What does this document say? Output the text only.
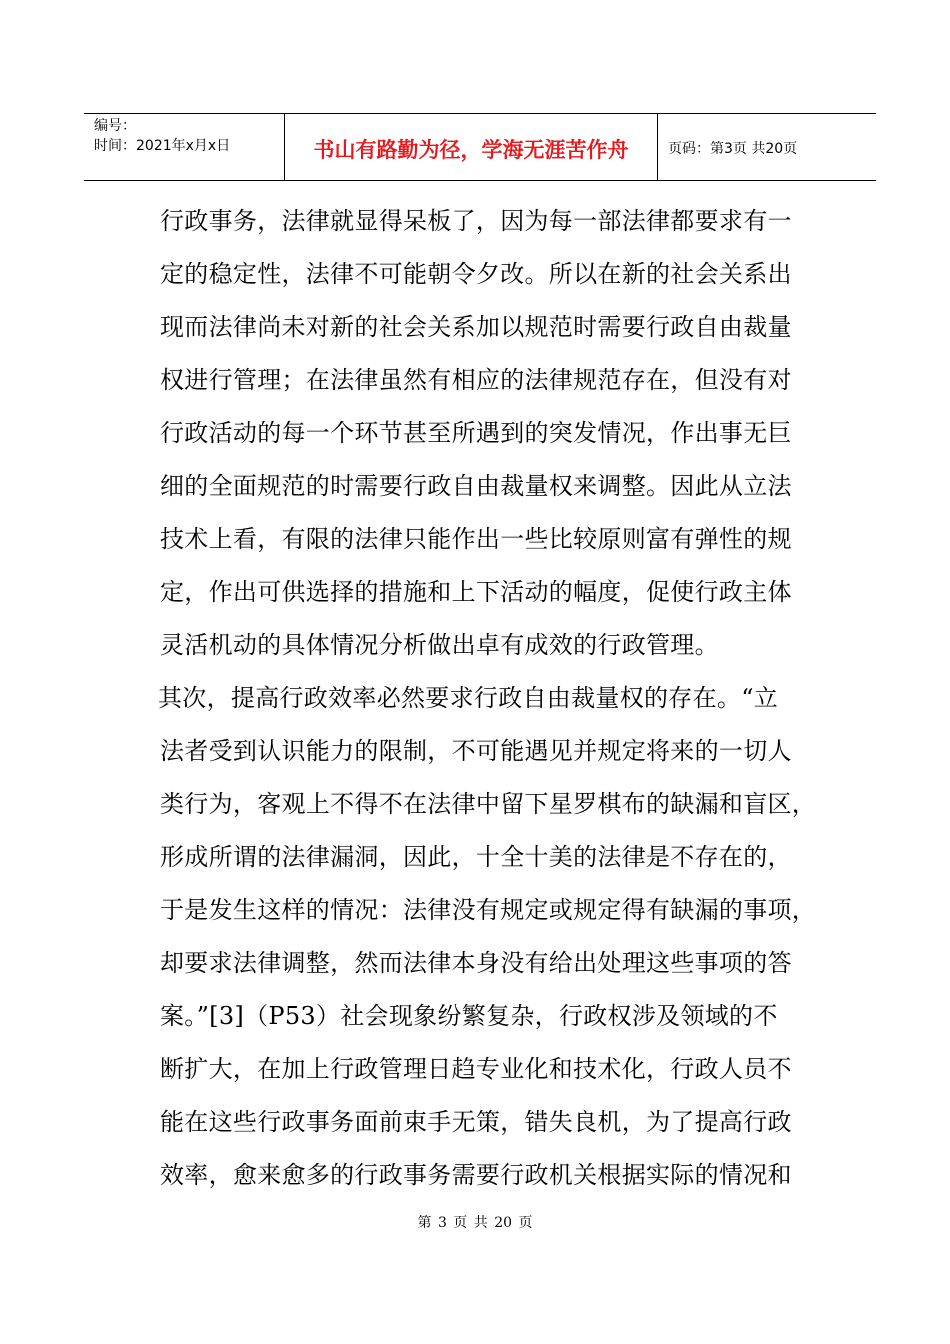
编号：
时间：2021年x月x日	书山有路勤为径，学海无涯苦作舟	页码：第3页 共20页
行政事务，法律就显得呆板了，因为每一部法律都要求有一
定的稳定性，法律不可能朝令夕改。所以在新的社会关系出
现而法律尚未对新的社会关系加以规范时需要行政自由裁量
权进行管理；在法律虽然有相应的法律规范存在，但没有对
行政活动的每一个环节甚至所遇到的突发情况，作出事无巨
细的全面规范的时需要行政自由裁量权来调整。因此从立法
技术上看，有限的法律只能作出一些比较原则富有弹性的规
定，作出可供选择的措施和上下活动的幅度，促使行政主体
灵活机动的具体情况分析做出卓有成效的行政管理。
其次，提高行政效率必然要求行政自由裁量权的存在。“立
法者受到认识能力的限制，不可能遇见并规定将来的一切人
类行为，客观上不得不在法律中留下星罗棋布的缺漏和盲区，
形成所谓的法律漏洞，因此，十全十美的法律是不存在的，
于是发生这样的情况：法律没有规定或规定得有缺漏的事项，
却要求法律调整，然而法律本身没有给出处理这些事项的答
案。”[3]（P53）社会现象纷繁复杂，行政权涉及领域的不
断扩大，在加上行政管理日趋专业化和技术化，行政人员不
能在这些行政事务面前束手无策，错失良机，为了提高行政
效率，愈来愈多的行政事务需要行政机关根据实际的情况和
第 3 页 共 20 页
